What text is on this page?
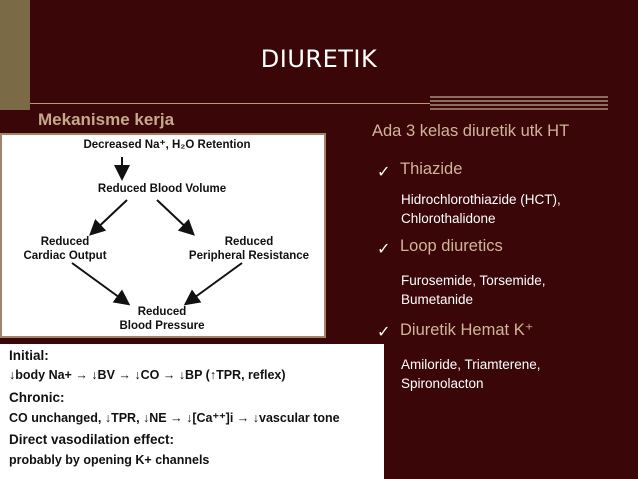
DIURETIK
Mekanisme kerja
Decreased Na⁺, H₂O Retention
Reduced Blood Volume
Reduced
Cardiac Output
Reduced
Peripheral Resistance
Reduced
Blood Pressure
Initial:
↓body Na+ → ↓BV → ↓CO → ↓BP (↑TPR, reflex)
Chronic:
CO unchanged, ↓TPR, ↓NE → ↓[Ca⁺⁺]i → ↓vascular tone
Direct vasodilation effect:
probably by opening K+ channels
Ada 3 kelas diuretik utk HT
✓ Thiazide
Hidrochlorothiazide (HCT),
Chlorothalidone
✓ Loop diuretics
Furosemide, Torsemide,
Bumetanide
✓ Diuretik Hemat K⁺
Amiloride, Triamterene,
Spironolacton
